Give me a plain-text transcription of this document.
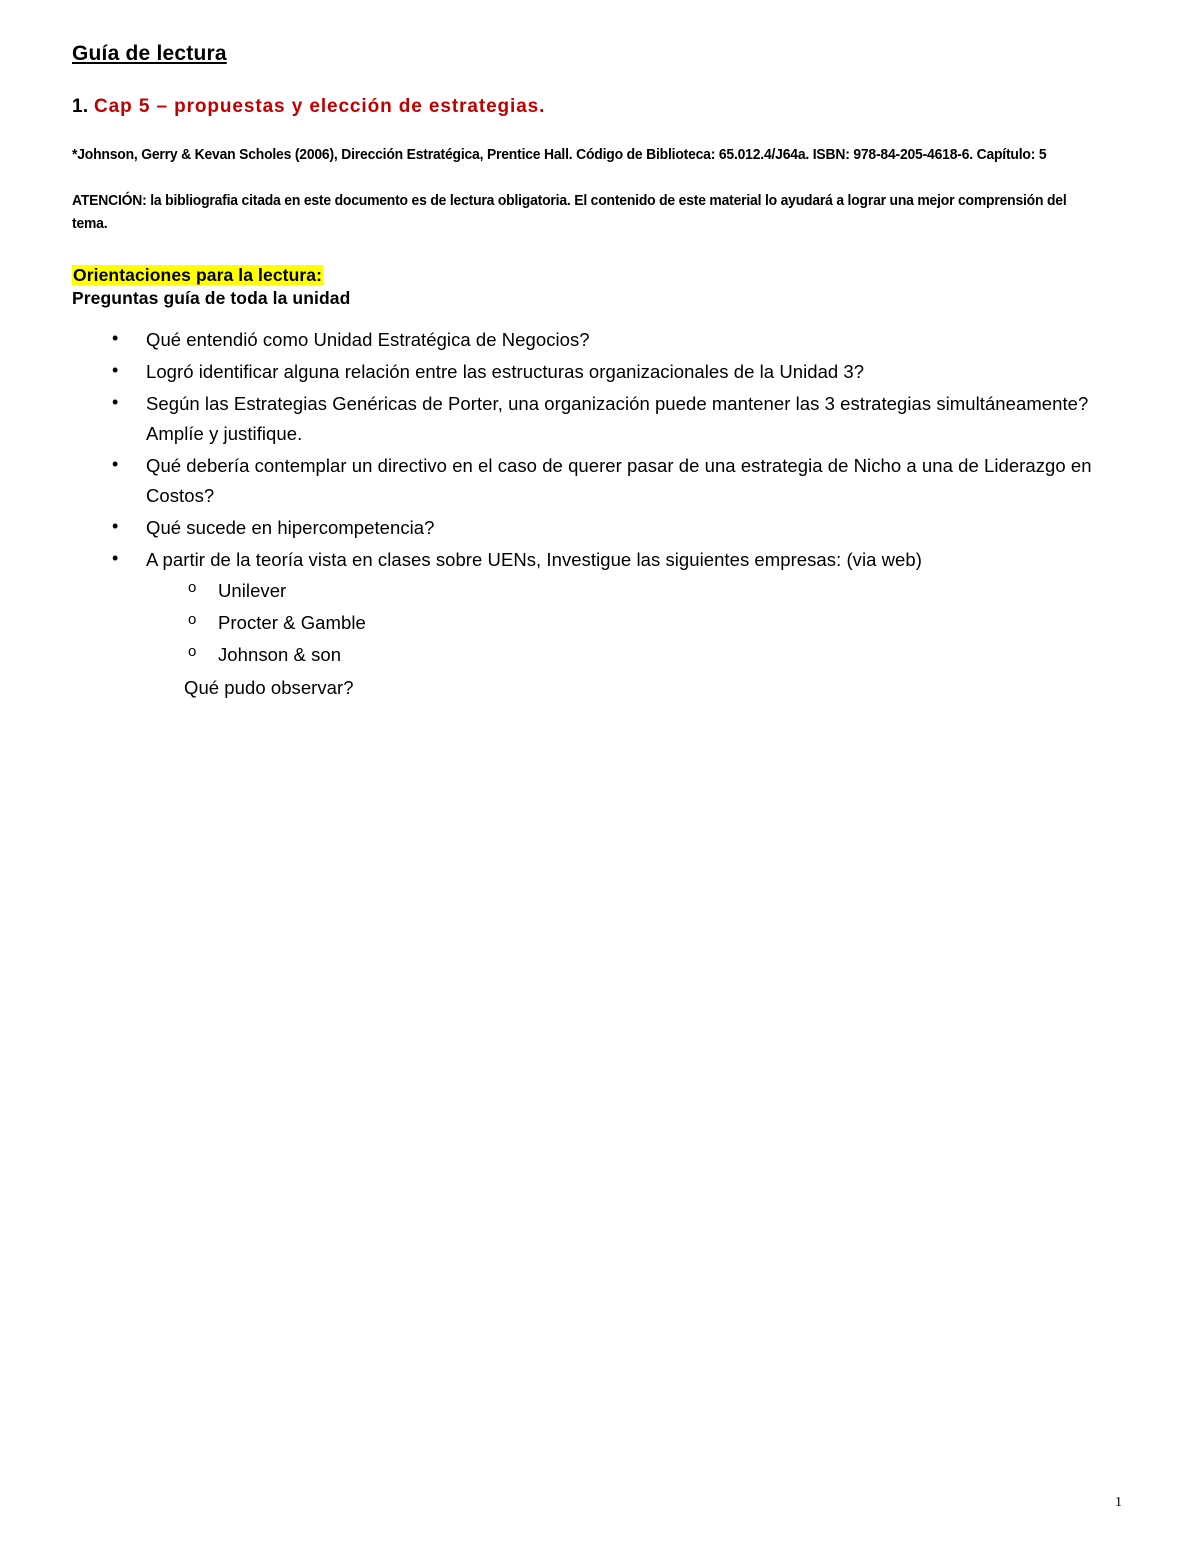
Guía de lectura

1. Cap 5 – propuestas y elección de estrategias.

*Johnson, Gerry & Kevan Scholes (2006), Dirección Estratégica, Prentice Hall. Código de Biblioteca: 65.012.4/J64a. ISBN: 978-84-205-4618-6. Capítulo: 5

ATENCIÓN: la bibliografia citada en este documento es de lectura obligatoria. El contenido de este material lo ayudará a lograr una mejor comprensión del tema.

Orientaciones para la lectura:

Preguntas guía de toda la unidad

• Qué entendió como Unidad Estratégica de Negocios?
• Logró identificar alguna relación entre las estructuras organizacionales de la Unidad 3?
• Según las Estrategias Genéricas de Porter, una organización puede mantener las 3 estrategias simultáneamente? Amplíe y justifique.
• Qué debería contemplar un directivo en el caso de querer pasar de una estrategia de Nicho a una de Liderazgo en Costos?
• Qué sucede en hipercompetencia?
• A partir de la teoría vista en clases sobre UENs, Investigue las siguientes empresas: (via web)
o Unilever
o Procter & Gamble
o Johnson & son
Qué pudo observar?
1
